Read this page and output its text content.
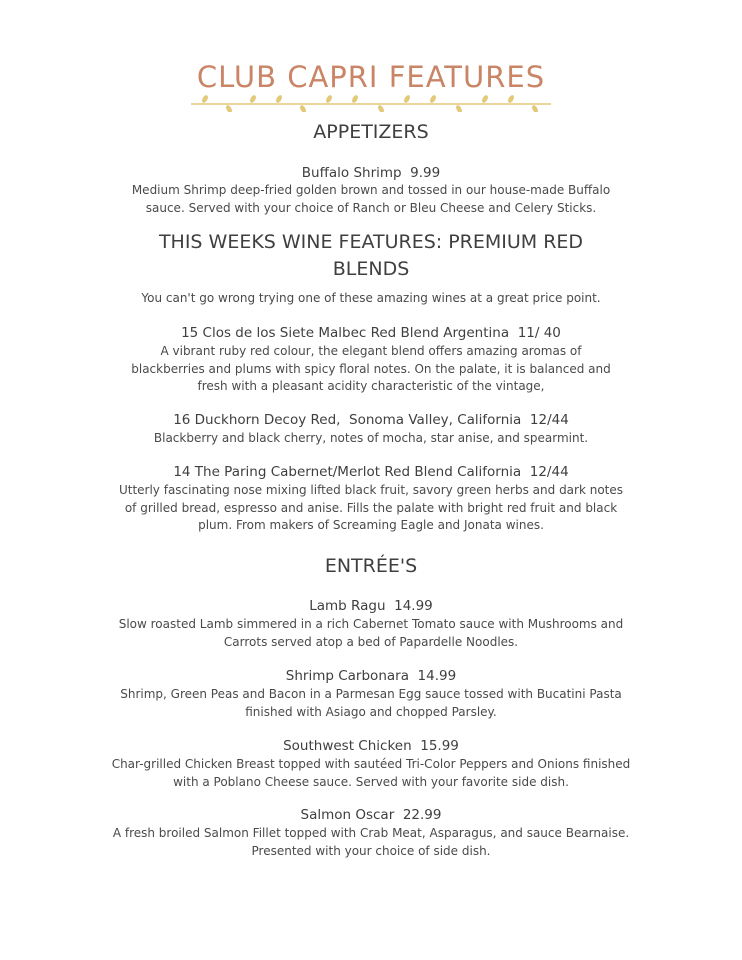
CLUB CAPRI FEATURES
APPETIZERS

Buffalo Shrimp  9.99

Medium Shrimp deep-fried golden brown and tossed in our house-made Buffalo sauce. Served with your choice of Ranch or Bleu Cheese and Celery Sticks.

THIS WEEKS WINE FEATURES: PREMIUM RED BLENDS

You can't go wrong trying one of these amazing wines at a great price point.

15 Clos de los Siete Malbec Red Blend Argentina  11/ 40

A vibrant ruby red colour, the elegant blend offers amazing aromas of blackberries and plums with spicy floral notes. On the palate, it is balanced and fresh with a pleasant acidity characteristic of the vintage,

16 Duckhorn Decoy Red,  Sonoma Valley, California  12/44

Blackberry and black cherry, notes of mocha, star anise, and spearmint.

14 The Paring Cabernet/Merlot Red Blend California  12/44

Utterly fascinating nose mixing lifted black fruit, savory green herbs and dark notes of grilled bread, espresso and anise. Fills the palate with bright red fruit and black plum. From makers of Screaming Eagle and Jonata wines.

ENTRÉE'S

Lamb Ragu  14.99

Slow roasted Lamb simmered in a rich Cabernet Tomato sauce with Mushrooms and Carrots served atop a bed of Papardelle Noodles.

Shrimp Carbonara  14.99

Shrimp, Green Peas and Bacon in a Parmesan Egg sauce tossed with Bucatini Pasta finished with Asiago and chopped Parsley.

Southwest Chicken  15.99

Char-grilled Chicken Breast topped with sautéed Tri-Color Peppers and Onions finished with a Poblano Cheese sauce. Served with your favorite side dish.

Salmon Oscar  22.99

A fresh broiled Salmon Fillet topped with Crab Meat, Asparagus, and sauce Bearnaise. Presented with your choice of side dish.
